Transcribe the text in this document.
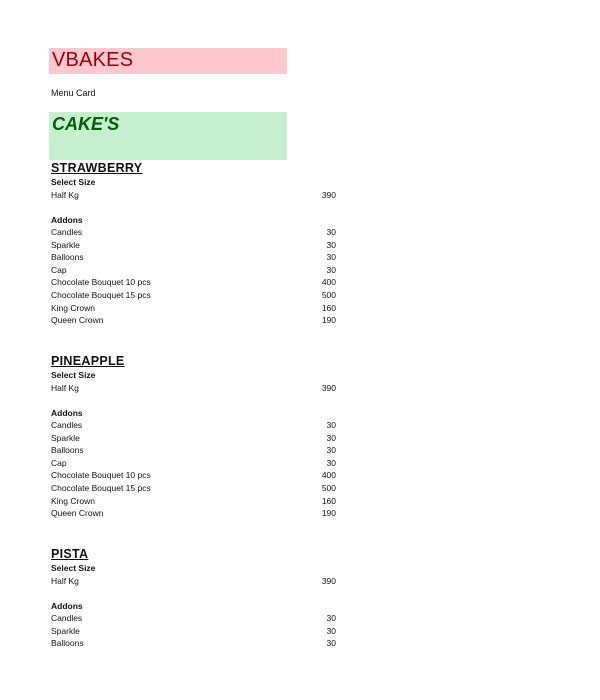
VBAKES
Menu Card
CAKE'S
STRAWBERRY
Select Size
Half Kg	390
Addons
Candles	30
Sparkle	30
Balloons	30
Cap	30
Chocolate Bouquet 10 pcs	400
Chocolate Bouquet 15 pcs	500
King Crown	160
Queen Crown	190
PINEAPPLE
Select Size
Half Kg	390
Addons
Candles	30
Sparkle	30
Balloons	30
Cap	30
Chocolate Bouquet 10 pcs	400
Chocolate Bouquet 15 pcs	500
King Crown	160
Queen Crown	190
PISTA
Select Size
Half Kg	390
Addons
Candles	30
Sparkle	30
Balloons	30
